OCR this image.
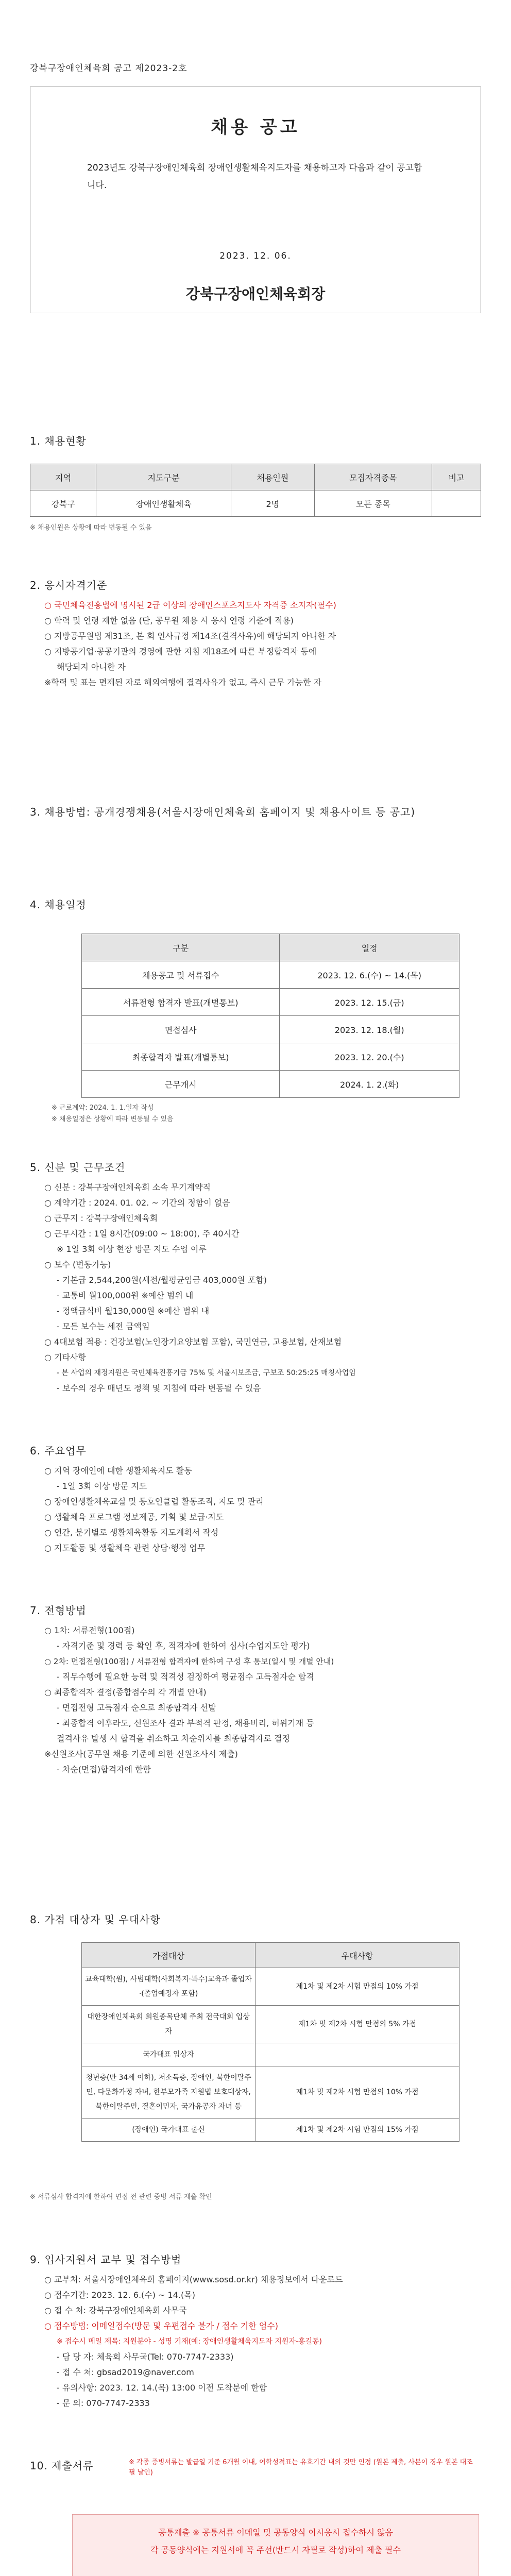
강북구장애인체육회 공고 제2023-2호
채용 공고
2023년도 강북구장애인체육회 장애인생활체육지도자를 채용하고자 다음과 같이 공고합니다.
2023. 12. 06.
강북구장애인체육회장
1. 채용현황
지역	지도구분	채용인원	모집자격종목	비고
강북구	장애인생활체육	2명	모든 종목	
※ 채용인원은 상황에 따라 변동될 수 있음
2. 응시자격기준
○ 국민체육진흥법에 명시된 2급 이상의 장애인스포츠지도사 자격증 소지자(필수)
○ 학력 및 연령 제한 없음 (단, 공무원 채용 시 응시 연령 기준에 적용)
○ 지방공무원법 제31조, 본 회 인사규정 제14조(결격사유)에 해당되지 아니한 자
○ 지방공기업·공공기관의 경영에 관한 지침 제18조에 따른 부정합격자 등에
해당되지 아니한 자
※학력 및 표는 면제된 자로 해외여행에 결격사유가 없고, 즉시 근무 가능한 자
3. 채용방법: 공개경쟁채용(서울시장애인체육회 홈페이지 및 채용사이트 등 공고)
4. 채용일정
구분	일정
채용공고 및 서류접수	2023. 12. 6.(수) ~ 14.(목)
서류전형 합격자 발표(개별통보)	2023. 12. 15.(금)
면접심사	2023. 12. 18.(월)
최종합격자 발표(개별통보)	2023. 12. 20.(수)
근무개시	2024. 1. 2.(화)
※ 근로계약: 2024. 1. 1.일자 작성
※ 채용일정은 상황에 따라 변동될 수 있음
5. 신분 및 근무조건
○ 신분 : 강북구장애인체육회 소속 무기계약직
○ 계약기간 : 2024. 01. 02. ~ 기간의 정함이 없음
○ 근무지 : 강북구장애인체육회
○ 근무시간 : 1일 8시간(09:00 ~ 18:00), 주 40시간
※ 1일 3회 이상 현장 방문 지도 수업 이루
○ 보수 (변동가능)
- 기본급 2,544,200원(세전/월평균임금 403,000원 포함)
- 교통비 월100,000원 ※예산 범위 내
- 정액급식비 월130,000원 ※예산 범위 내
- 모든 보수는 세전 금액임
○ 4대보험 적용 : 건강보험(노인장기요양보험 포함), 국민연금, 고용보험, 산재보험
○ 기타사항
- 본 사업의 재정지원은 국민체육진흥기금 75% 및 서울시보조금, 구보조 50:25:25 매칭사업임
- 보수의 경우 매년도 정책 및 지침에 따라 변동될 수 있음
6. 주요업무
○ 지역 장애인에 대한 생활체육지도 활동
- 1일 3회 이상 방문 지도
○ 장애인생활체육교실 및 동호인클럽 활동조직, 지도 및 관리
○ 생활체육 프로그램 정보제공, 기획 및 보급·지도
○ 연간, 분기별로 생활체육활동 지도계획서 작성
○ 지도활동 및 생활체육 관련 상담·행정 업무
7. 전형방법
○ 1차: 서류전형(100점)
- 자격기준 및 경력 등 확인 후, 적격자에 한하여 심사(수업지도안 평가)
○ 2차: 면접전형(100점) / 서류전형 합격자에 한하여 구성 후 통보(일시 및 개별 안내)
- 직무수행에 필요한 능력 및 적격성 검정하여 평균점수 고득점자순 합격
○ 최종합격자 결정(종합점수의 각 개별 안내)
- 면접전형 고득점자 순으로 최종합격자 선발
- 최종합격 이후라도, 신원조사 결과 부적격 판정, 채용비리, 허위기재 등
결격사유 발생 시 합격을 취소하고 차순위자를 최종합격자로 결정
※신원조사(공무원 채용 기준에 의한 신원조사서 제출)
- 차순(면접)합격자에 한함
8. 가점 대상자 및 우대사항
가점대상	우대사항
교육대학(원), 사범대학(사회복지·특수)교육과 졸업자·(졸업예정자 포함)	제1차 및 제2차 시험 만점의 10% 가점
대한장애인체육회 회원종목단체 주최 전국대회 입상자	제1차 및 제2차 시험 만점의 5% 가점
국가대표 입상자	
청년층(만 34세 이하), 저소득층, 장애인, 북한이탈주민, 다문화가정 자녀, 한부모가족 지원법 보호대상자, 북한이탈주민, 결혼이민자, 국가유공자 자녀 등	제1차 및 제2차 시험 만점의 10% 가점
(장애인) 국가대표 출신	제1차 및 제2차 시험 만점의 15% 가점
※ 서류심사 합격자에 한하여 면접 전 관련 증빙 서류 제출 확인
9. 입사지원서 교부 및 접수방법
○ 교부처: 서울시장애인체육회 홈페이지(www.sosd.or.kr) 채용정보에서 다운로드
○ 접수기간: 2023. 12. 6.(수) ~ 14.(목)
○ 접 수 처: 강북구장애인체육회 사무국
○ 접수방법: 이메일접수(방문 및 우편접수 불가 / 접수 기한 엄수)
※ 접수시 메일 제목: 지원분야 - 성명 기재(예: 장애인생활체육지도자 지원자-홍길동)
- 담 당 자: 체육회 사무국(Tel: 070-7747-2333)
- 접 수 처: gbsad2019@naver.com
- 유의사항: 2023. 12. 14.(목) 13:00 이전 도착분에 한함
- 문 의: 070-7747-2333
10. 제출서류	※ 각종 증빙서류는 발급일 기준 6개월 이내, 어학성적표는 유효기간 내의 것만 인정 (원본 제출, 사본이 경우 원본 대조필 날인)
공통제출 ※ 공통서류 이메일 및 공동양식 이시응시 접수하시 않음
각 공동양식에는 지원서에 꼭 주선(반드시 자필로 작성)하여 제출 필수
